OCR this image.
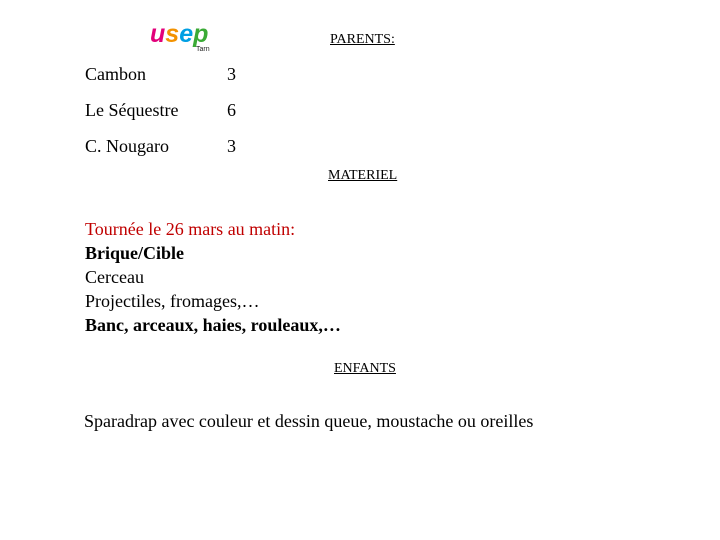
usep
Tarn
PARENTS:
Cambon	3
Le Séquestre	6
C. Nougaro	3
MATERIEL
Tournée le 26 mars au matin:
Brique/Cible
Cerceau
Projectiles, fromages,…
Banc, arceaux, haies, rouleaux,…
ENFANTS
Sparadrap avec couleur et dessin queue, moustache ou oreilles
